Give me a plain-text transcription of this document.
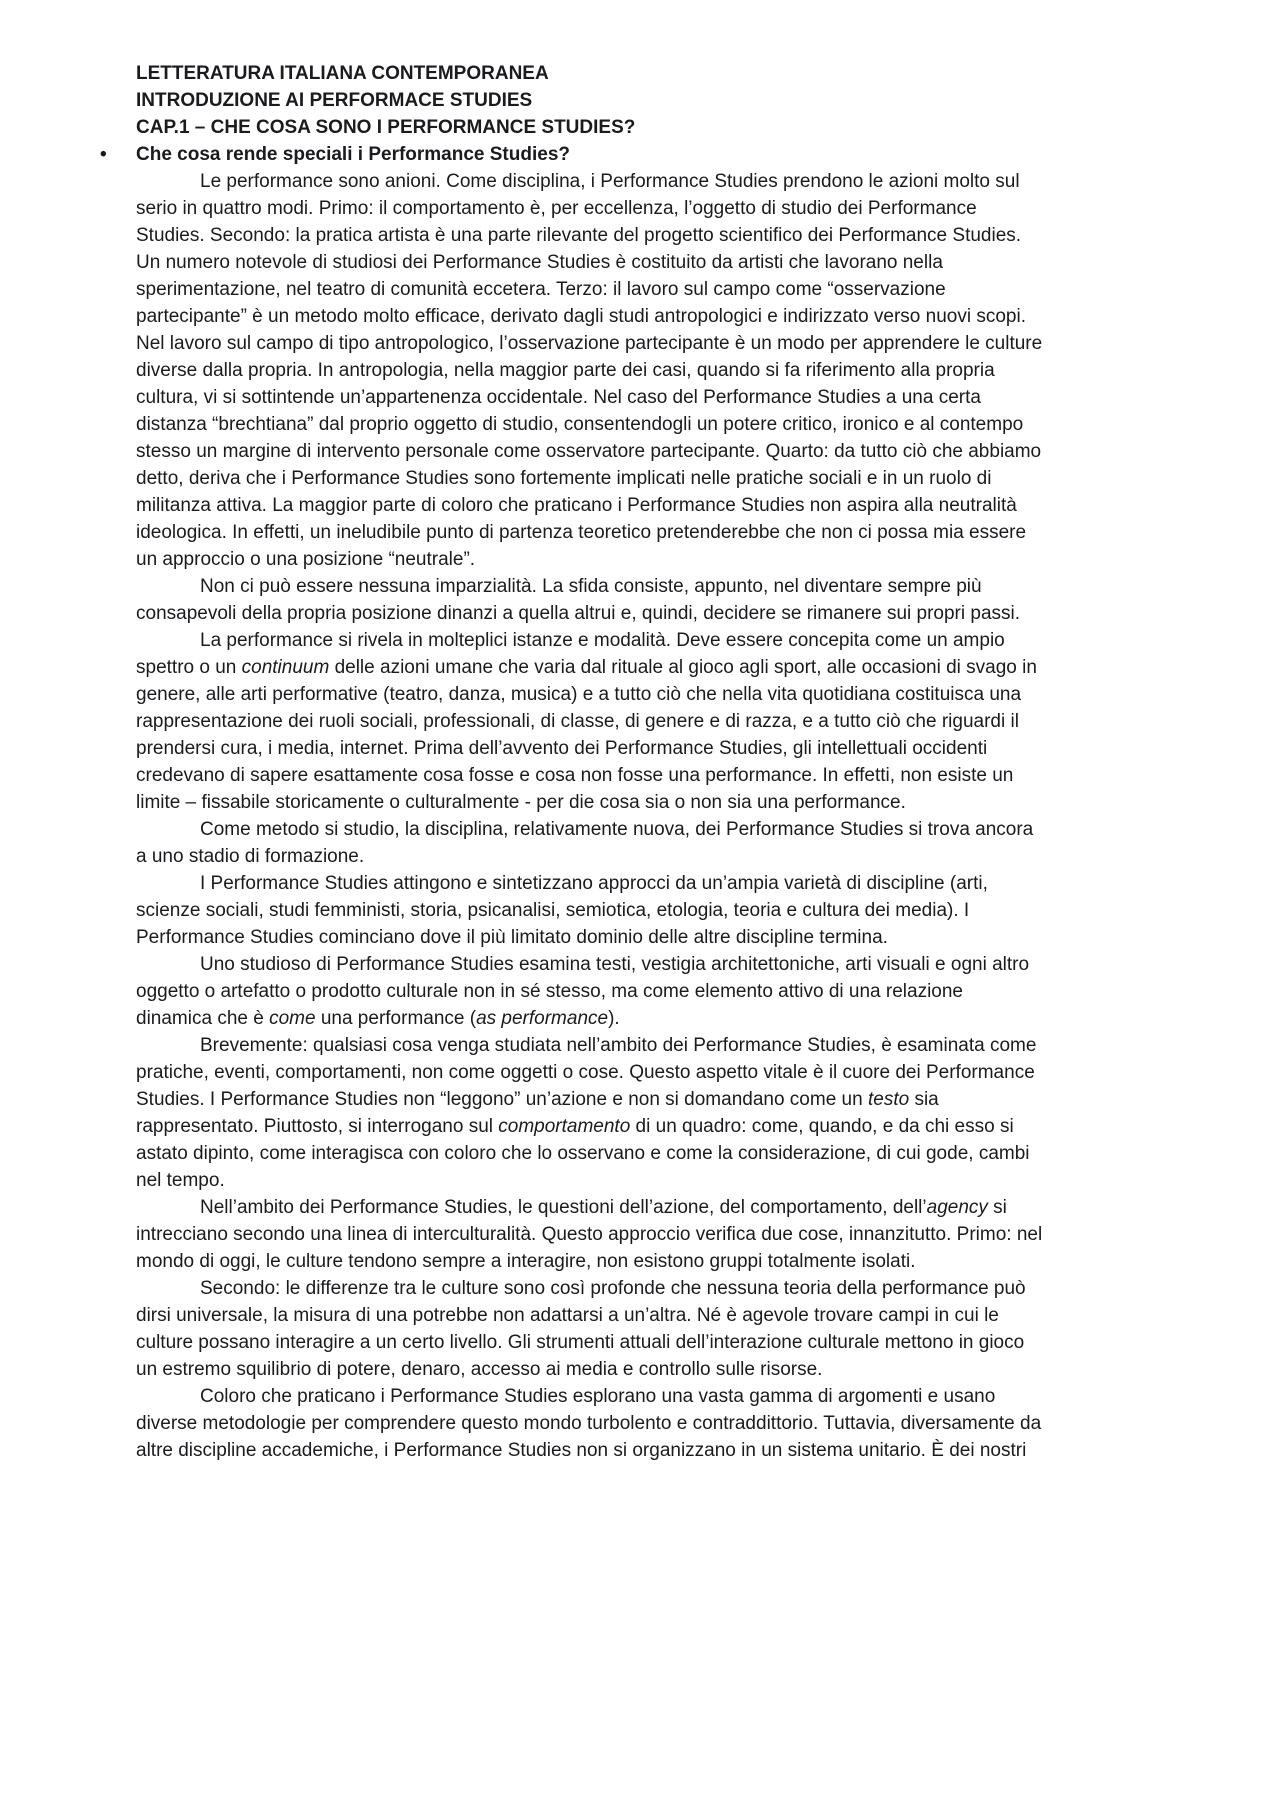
LETTERATURA ITALIANA CONTEMPORANEA
INTRODUZIONE AI PERFORMACE STUDIES
CAP.1 – CHE COSA SONO I PERFORMANCE STUDIES?
• Che cosa rende speciali i Performance Studies?

Le performance sono anioni. Come disciplina, i Performance Studies prendono le azioni molto sul serio in quattro modi. Primo: il comportamento è, per eccellenza, l’oggetto di studio dei Performance Studies. Secondo: la pratica artista è una parte rilevante del progetto scientifico dei Performance Studies. Un numero notevole di studiosi dei Performance Studies è costituito da artisti che lavorano nella sperimentazione, nel teatro di comunità eccetera. Terzo: il lavoro sul campo come “osservazione partecipante” è un metodo molto efficace, derivato dagli studi antropologici e indirizzato verso nuovi scopi. Nel lavoro sul campo di tipo antropologico, l’osservazione partecipante è un modo per apprendere le culture diverse dalla propria. In antropologia, nella maggior parte dei casi, quando si fa riferimento alla propria cultura, vi si sottintende un’appartenenza occidentale. Nel caso del Performance Studies a una certa distanza “brechtiana” dal proprio oggetto di studio, consentendogli un potere critico, ironico e al contempo stesso un margine di intervento personale come osservatore partecipante. Quarto: da tutto ciò che abbiamo detto, deriva che i Performance Studies sono fortemente implicati nelle pratiche sociali e in un ruolo di militanza attiva. La maggior parte di coloro che praticano i Performance Studies non aspira alla neutralità ideologica. In effetti, un ineludibile punto di partenza teoretico pretenderebbe che non ci possa mia essere un approccio o una posizione “neutrale”.

Non ci può essere nessuna imparzialità. La sfida consiste, appunto, nel diventare sempre più consapevoli della propria posizione dinanzi a quella altrui e, quindi, decidere se rimanere sui propri passi.

La performance si rivela in molteplici istanze e modalità. Deve essere concepita come un ampio spettro o un continuum delle azioni umane che varia dal rituale al gioco agli sport, alle occasioni di svago in genere, alle arti performative (teatro, danza, musica) e a tutto ciò che nella vita quotidiana costituisca una rappresentazione dei ruoli sociali, professionali, di classe, di genere e di razza, e a tutto ciò che riguardi il prendersi cura, i media, internet. Prima dell’avvento dei Performance Studies, gli intellettuali occidenti credevano di sapere esattamente cosa fosse e cosa non fosse una performance. In effetti, non esiste un limite – fissabile storicamente o culturalmente - per die cosa sia o non sia una performance.

Come metodo si studio, la disciplina, relativamente nuova, dei Performance Studies si trova ancora a uno stadio di formazione.

I Performance Studies attingono e sintetizzano approcci da un’ampia varietà di discipline (arti, scienze sociali, studi femministi, storia, psicanalisi, semiotica, etologia, teoria e cultura dei media). I Performance Studies cominciano dove il più limitato dominio delle altre discipline termina.

Uno studioso di Performance Studies esamina testi, vestigia architettoniche, arti visuali e ogni altro oggetto o artefatto o prodotto culturale non in sé stesso, ma come elemento attivo di una relazione dinamica che è come una performance (as performance).

Brevemente: qualsiasi cosa venga studiata nell’ambito dei Performance Studies, è esaminata come pratiche, eventi, comportamenti, non come oggetti o cose. Questo aspetto vitale è il cuore dei Performance Studies. I Performance Studies non “leggono” un’azione e non si domandano come un testo sia rappresentato. Piuttosto, si interrogano sul comportamento di un quadro: come, quando, e da chi esso si astato dipinto, come interagisca con coloro che lo osservano e come la considerazione, di cui gode, cambi nel tempo.

Nell’ambito dei Performance Studies, le questioni dell’azione, del comportamento, dell’agency si intrecciano secondo una linea di interculturalità. Questo approccio verifica due cose, innanzitutto. Primo: nel mondo di oggi, le culture tendono sempre a interagire, non esistono gruppi totalmente isolati.

Secondo: le differenze tra le culture sono così profonde che nessuna teoria della performance può dirsi universale, la misura di una potrebbe non adattarsi a un’altra. Né è agevole trovare campi in cui le culture possano interagire a un certo livello. Gli strumenti attuali dell’interazione culturale mettono in gioco un estremo squilibrio di potere, denaro, accesso ai media e controllo sulle risorse.

Coloro che praticano i Performance Studies esplorano una vasta gamma di argomenti e usano diverse metodologie per comprendere questo mondo turbolento e contraddittorio. Tuttavia, diversamente da altre discipline accademiche, i Performance Studies non si organizzano in un sistema unitario. È dei nostri
